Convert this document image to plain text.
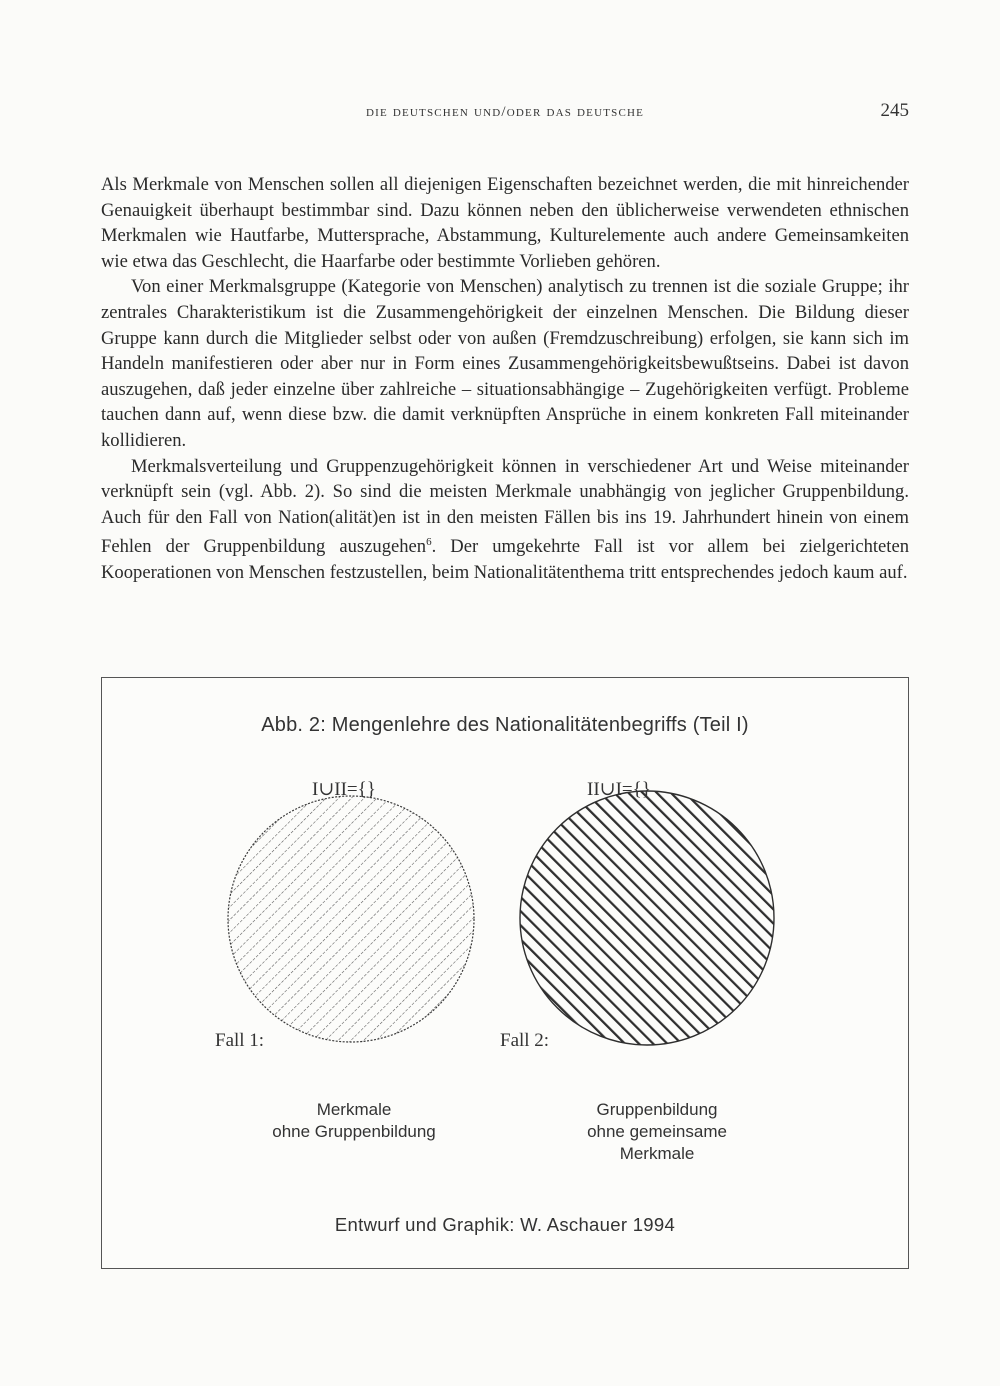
die deutschen und/oder das deutsche	245

Als Merkmale von Menschen sollen all diejenigen Eigenschaften bezeichnet werden, die mit hinreichender Genauigkeit überhaupt bestimmbar sind. Dazu können neben den üblicherweise verwendeten ethnischen Merkmalen wie Hautfarbe, Muttersprache, Abstammung, Kulturelemente auch andere Gemeinsamkeiten wie etwa das Geschlecht, die Haarfarbe oder bestimmte Vorlieben gehören.

Von einer Merkmalsgruppe (Kategorie von Menschen) analytisch zu trennen ist die soziale Gruppe; ihr zentrales Charakteristikum ist die Zusammengehörigkeit der einzelnen Menschen. Die Bildung dieser Gruppe kann durch die Mitglieder selbst oder von außen (Fremdzuschreibung) erfolgen, sie kann sich im Handeln manifestieren oder aber nur in Form eines Zusammengehörigkeitsbewußtseins. Dabei ist davon auszugehen, daß jeder einzelne über zahlreiche – situationsabhängige – Zugehörigkeiten verfügt. Probleme tauchen dann auf, wenn diese bzw. die damit verknüpften Ansprüche in einem konkreten Fall miteinander kollidieren.

Merkmalsverteilung und Gruppenzugehörigkeit können in verschiedener Art und Weise miteinander verknüpft sein (vgl. Abb. 2). So sind die meisten Merkmale unabhängig von jeglicher Gruppenbildung. Auch für den Fall von Nation(alität)en ist in den meisten Fällen bis ins 19. Jahrhundert hinein von einem Fehlen der Gruppenbildung auszugehen$^6$. Der umgekehrte Fall ist vor allem bei zielgerichteten Kooperationen von Menschen festzustellen, beim Nationalitätenthema tritt entsprechendes jedoch kaum auf.

Abb. 2: Mengenlehre des Nationalitätenbegriffs (Teil I)
I∪II={}	II∪I={}
Fall 1:	Fall 2:
Merkmale
ohne Gruppenbildung
Gruppenbildung
ohne gemeinsame
Merkmale
Entwurf und Graphik: W. Aschauer 1994
